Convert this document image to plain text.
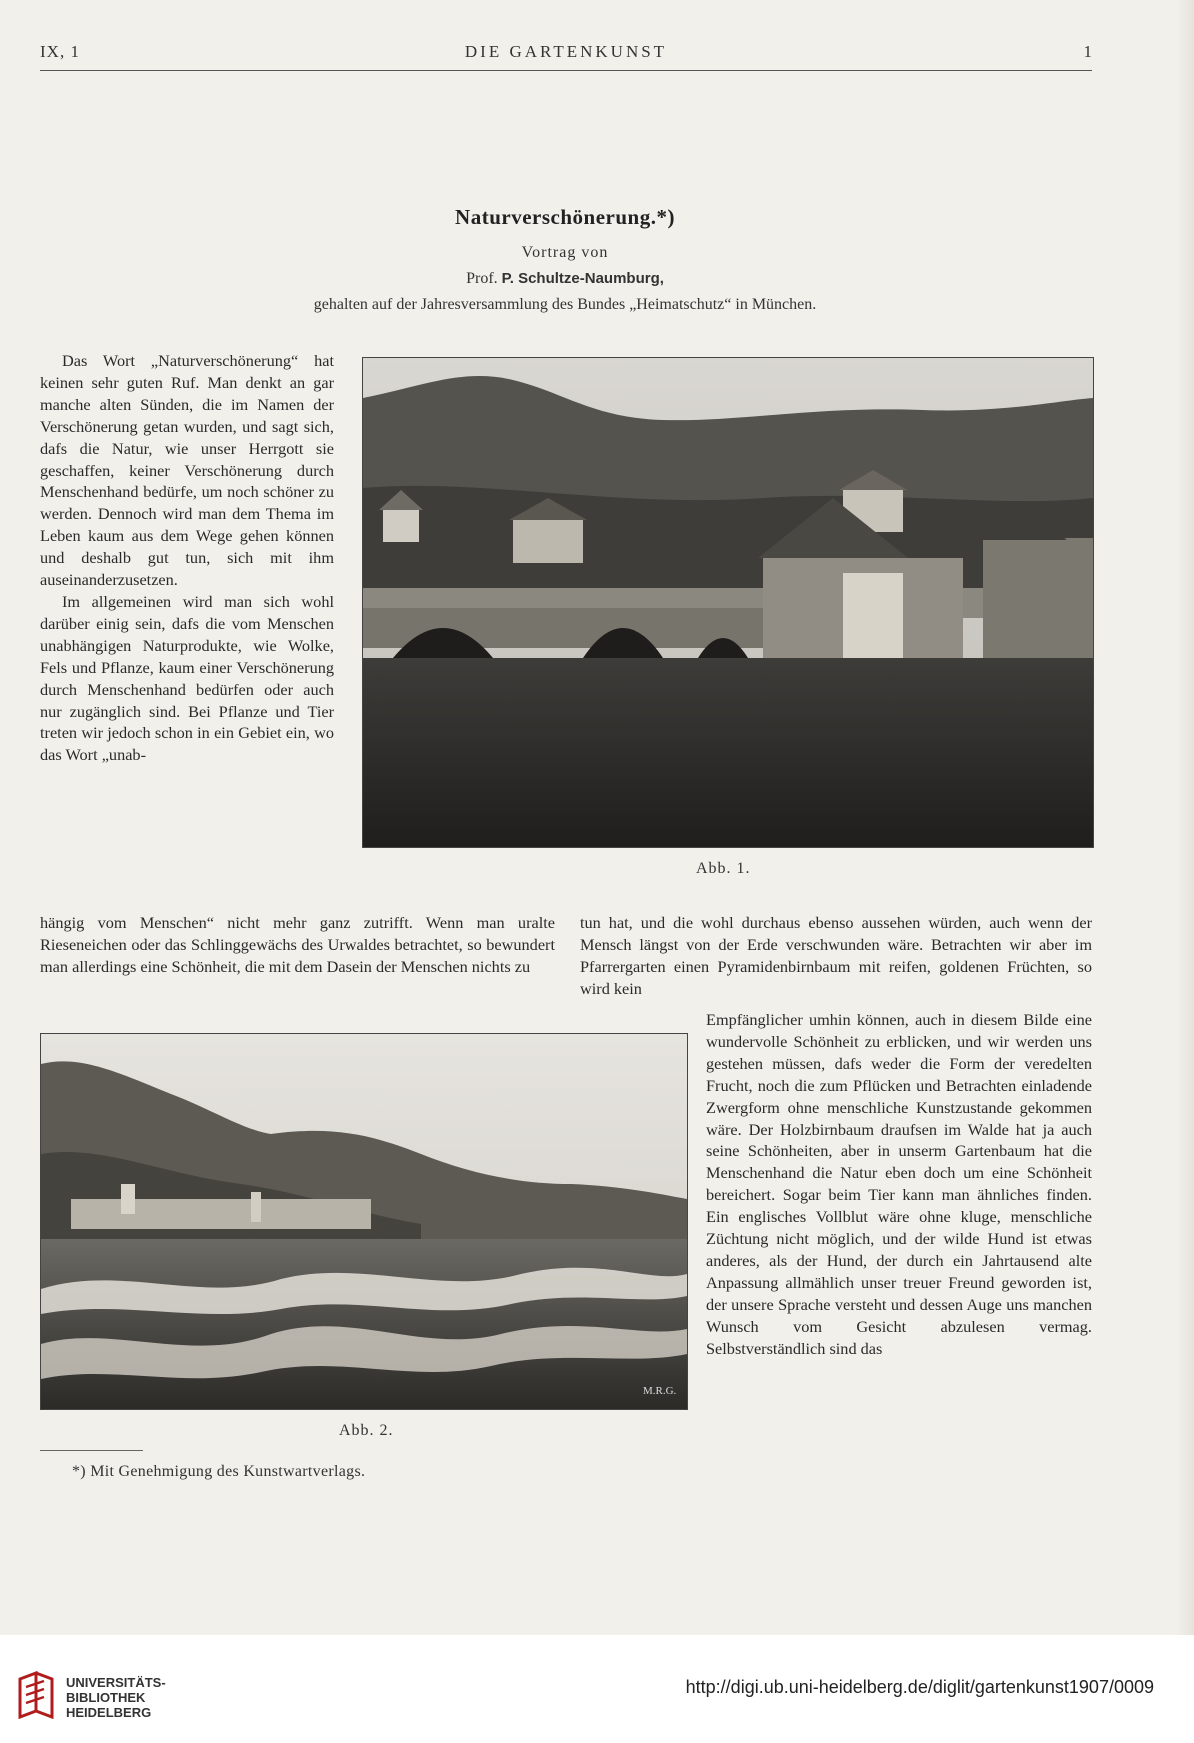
IX, 1	DIE GARTENKUNST	1
Naturverschönerung.*)
Vortrag von
Prof. P. Schultze-Naumburg,
gehalten auf der Jahresversammlung des Bundes „Heimatschutz“ in München.

Das Wort „Naturverschönerung“ hat keinen sehr guten Ruf. Man denkt an gar manche alten Sünden, die im Namen der Verschönerung getan wurden, und sagt sich, dafs die Natur, wie unser Herrgott sie geschaffen, keiner Verschönerung durch Menschenhand bedürfe, um noch schöner zu werden. Dennoch wird man dem Thema im Leben kaum aus dem Wege gehen können und deshalb gut tun, sich mit ihm auseinanderzusetzen.

Im allgemeinen wird man sich wohl darüber einig sein, dafs die vom Menschen unabhängigen Naturprodukte, wie Wolke, Fels und Pflanze, kaum einer Verschönerung durch Menschenhand bedürfen oder auch nur zugänglich sind. Bei Pflanze und Tier treten wir jedoch schon in ein Gebiet ein, wo das Wort „unab-

Abb. 1.

hängig vom Menschen“ nicht mehr ganz zutrifft. Wenn man uralte Rieseneichen oder das Schlinggewächs des Urwaldes betrachtet, so bewundert man allerdings eine Schönheit, die mit dem Dasein der Menschen nichts zu

tun hat, und die wohl durchaus ebenso aussehen würden, auch wenn der Mensch längst von der Erde verschwunden wäre. Betrachten wir aber im Pfarrergarten einen Pyramidenbirnbaum mit reifen, goldenen Früchten, so wird kein

M.R.G.
Abb. 2.

Empfänglicher umhin können, auch in diesem Bilde eine wundervolle Schönheit zu erblicken, und wir werden uns gestehen müssen, dafs weder die Form der veredelten Frucht, noch die zum Pflücken und Betrachten einladende Zwergform ohne menschliche Kunstzustande gekommen wäre. Der Holzbirnbaum draufsen im Walde hat ja auch seine Schönheiten, aber in unserm Gartenbaum hat die Menschenhand die Natur eben doch um eine Schönheit bereichert. Sogar beim Tier kann man ähnliches finden. Ein englisches Vollblut wäre ohne kluge, menschliche Züchtung nicht möglich, und der wilde Hund ist etwas anderes, als der Hund, der durch ein Jahrtausend alte Anpassung allmählich unser treuer Freund geworden ist, der unsere Sprache versteht und dessen Auge uns manchen Wunsch vom Gesicht abzulesen vermag. Selbstverständlich sind das

*) Mit Genehmigung des Kunstwartverlags.
UNIVERSITÄTS-
BIBLIOTHEK
HEIDELBERG
http://digi.ub.uni-heidelberg.de/diglit/gartenkunst1907/0009
